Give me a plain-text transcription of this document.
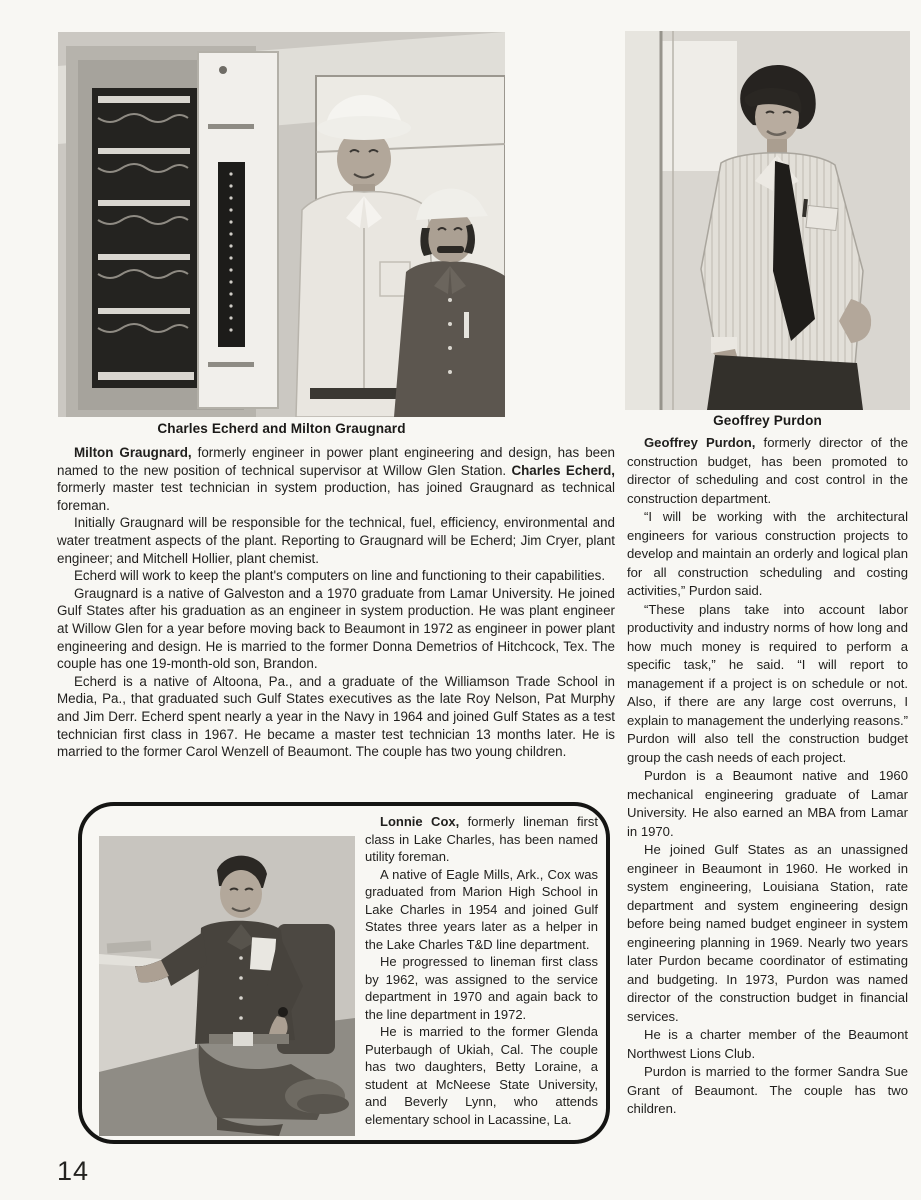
Charles Echerd and Milton Graugnard
Geoffrey Purdon

Milton Graugnard, formerly engineer in power plant engineering and design, has been named to the new position of technical supervisor at Willow Glen Station. Charles Echerd, formerly master test technician in system production, has joined Graugnard as technical foreman.

Initially Graugnard will be responsible for the technical, fuel, efficiency, environmental and water treatment aspects of the plant. Reporting to Graugnard will be Echerd; Jim Cryer, plant engineer; and Mitchell Hollier, plant chemist.

Echerd will work to keep the plant's computers on line and functioning to their capabilities.

Graugnard is a native of Galveston and a 1970 graduate from Lamar University. He joined Gulf States after his graduation as an engineer in system production. He was plant engineer at Willow Glen for a year before moving back to Beaumont in 1972 as engineer in power plant engineering and design. He is married to the former Donna Demetrios of Hitchcock, Tex. The couple has one 19-month-old son, Brandon.

Echerd is a native of Altoona, Pa., and a graduate of the Williamson Trade School in Media, Pa., that graduated such Gulf States executives as the late Roy Nelson, Pat Murphy and Jim Derr. Echerd spent nearly a year in the Navy in 1964 and joined Gulf States as a test technician first class in 1967. He became a master test technician 13 months later. He is married to the former Carol Wenzell of Beaumont. The couple has two young children.

Geoffrey Purdon, formerly director of the construction budget, has been promoted to director of scheduling and cost control in the construction department.

“I will be working with the architectural engineers for various construction projects to develop and maintain an orderly and logical plan for all construction scheduling and costing activities,” Purdon said.

“These plans take into account labor productivity and industry norms of how long and how much money is required to perform a specific task,” he said. “I will report to management if a project is on schedule or not. Also, if there are any large cost overruns, I explain to management the underlying reasons.” Purdon will also tell the construction budget group the cash needs of each project.

Purdon is a Beaumont native and 1960 mechanical engineering graduate of Lamar University. He also earned an MBA from Lamar in 1970.

He joined Gulf States as an unassigned engineer in Beaumont in 1960. He worked in system engineering, Louisiana Station, rate department and system engineering design before being named budget engineer in system engineering planning in 1969. Nearly two years later Purdon became coordinator of estimating and budgeting. In 1973, Purdon was named director of the construction budget in financial services.

He is a charter member of the Beaumont Northwest Lions Club.

Purdon is married to the former Sandra Sue Grant of Beaumont. The couple has two children.

Lonnie Cox, formerly lineman first class in Lake Charles, has been named utility foreman.

A native of Eagle Mills, Ark., Cox was graduated from Marion High School in Lake Charles in 1954 and joined Gulf States three years later as a helper in the Lake Charles T&D line department.

He progressed to lineman first class by 1962, was assigned to the service department in 1970 and again back to the line department in 1972.

He is married to the former Glenda Puterbaugh of Ukiah, Cal. The couple has two daughters, Betty Loraine, a student at McNeese State University, and Beverly Lynn, who attends elementary school in Lacassine, La.

14
